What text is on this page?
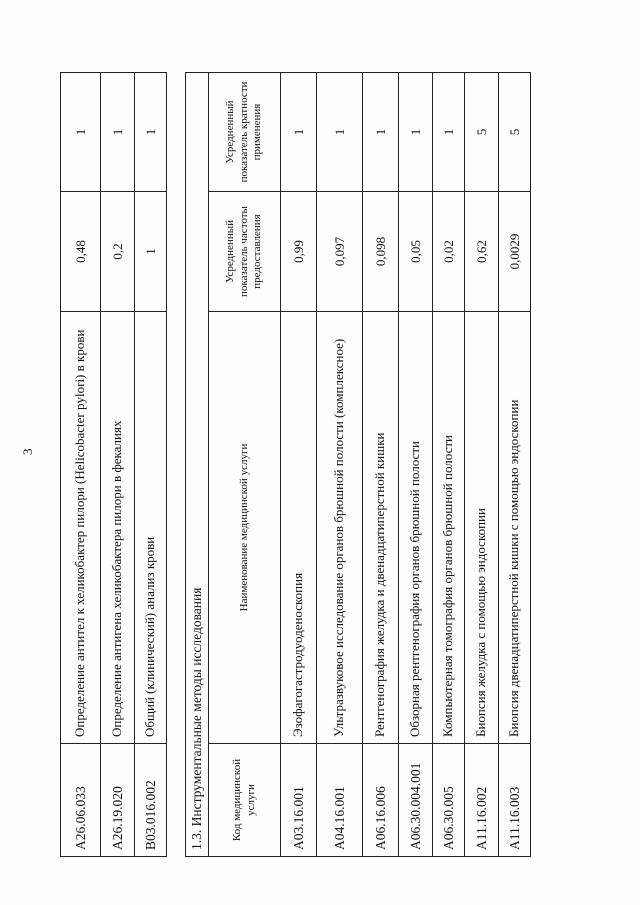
3
A26.06.033	Определение антител к хеликобактер пилори (Helicobacter pylori) в крови	0,48	1
A26.19.020	Определение антигена хеликобактера пилори в фекалиях	0,2	1
B03.016.002	Общий (клинический) анализ крови	1	1
1.3. Инструментальные методы исследования			
Код медицинской услуги	Наименование медицинской услуги	Усредненный показатель частоты предоставления	Усредненный показатель кратности применения
A03.16.001	Эзофагогастродуоденоскопия	0,99	1
A04.16.001	Ультразвуковое исследование органов брюшной полости (комплексное)	0,097	1
A06.16.006	Рентгенография желудка и двенадцатиперстной кишки	0,098	1
A06.30.004.001	Обзорная рентгенография органов брюшной полости	0,05	1
A06.30.005	Компьютерная томография органов брюшной полости	0,02	1
A11.16.002	Биопсия желудка с помощью эндоскопии	0,62	5
A11.16.003	Биопсия двенадцатиперстной кишки с помощью эндоскопии	0,0029	5
